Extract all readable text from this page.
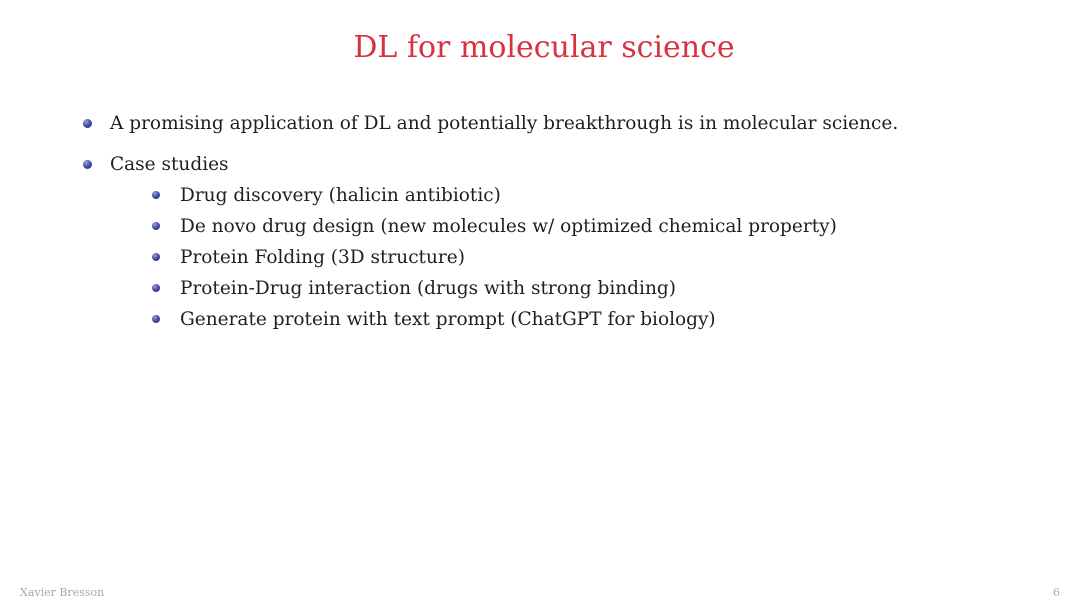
DL for molecular science
A promising application of DL and potentially breakthrough is in molecular science.
Case studies
Drug discovery (halicin antibiotic)
De novo drug design (new molecules w/ optimized chemical property)
Protein Folding (3D structure)
Protein-Drug interaction (drugs with strong binding)
Generate protein with text prompt (ChatGPT for biology)
Xavier Bresson	6
